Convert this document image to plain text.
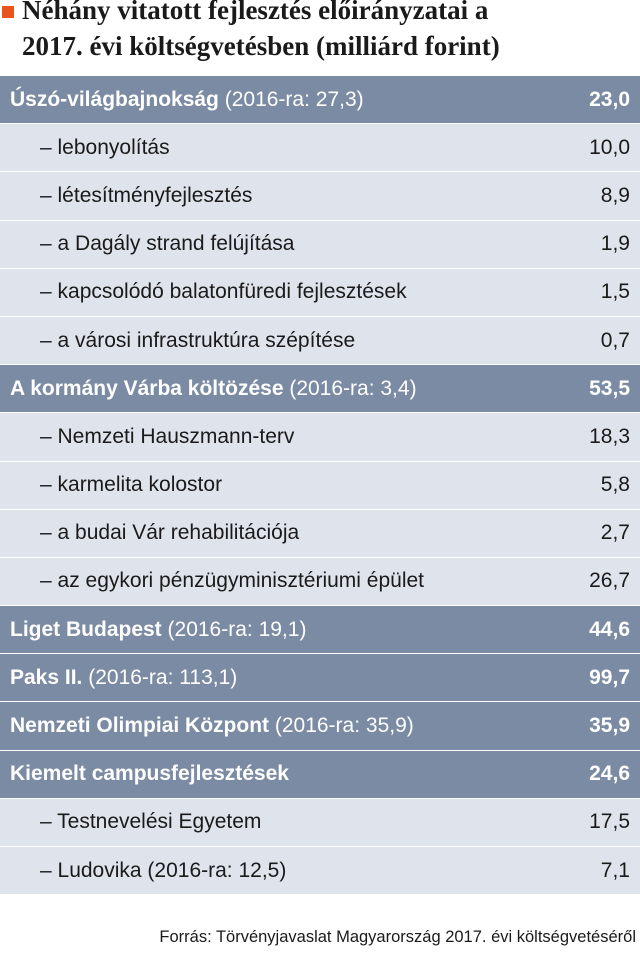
Néhány vitatott fejlesztés előirányzatai a
2017. évi költségvetésben (milliárd forint)
Úszó-világbajnokság (2016-ra: 27,3)	23,0
– lebonyolítás	10,0
– létesítményfejlesztés	8,9
– a Dagály strand felújítása	1,9
– kapcsolódó balatonfüredi fejlesztések	1,5
– a városi infrastruktúra szépítése	0,7
A kormány Várba költözése (2016-ra: 3,4)	53,5
– Nemzeti Hauszmann-terv	18,3
– karmelita kolostor	5,8
– a budai Vár rehabilitációja	2,7
– az egykori pénzügyminisztériumi épület	26,7
Liget Budapest (2016-ra: 19,1)	44,6
Paks II. (2016-ra: 113,1)	99,7
Nemzeti Olimpiai Központ (2016-ra: 35,9)	35,9
Kiemelt campusfejlesztések	24,6
– Testnevelési Egyetem	17,5
– Ludovika (2016-ra: 12,5)	7,1
Forrás: Törvényjavaslat Magyarország 2017. évi költségvetéséről
